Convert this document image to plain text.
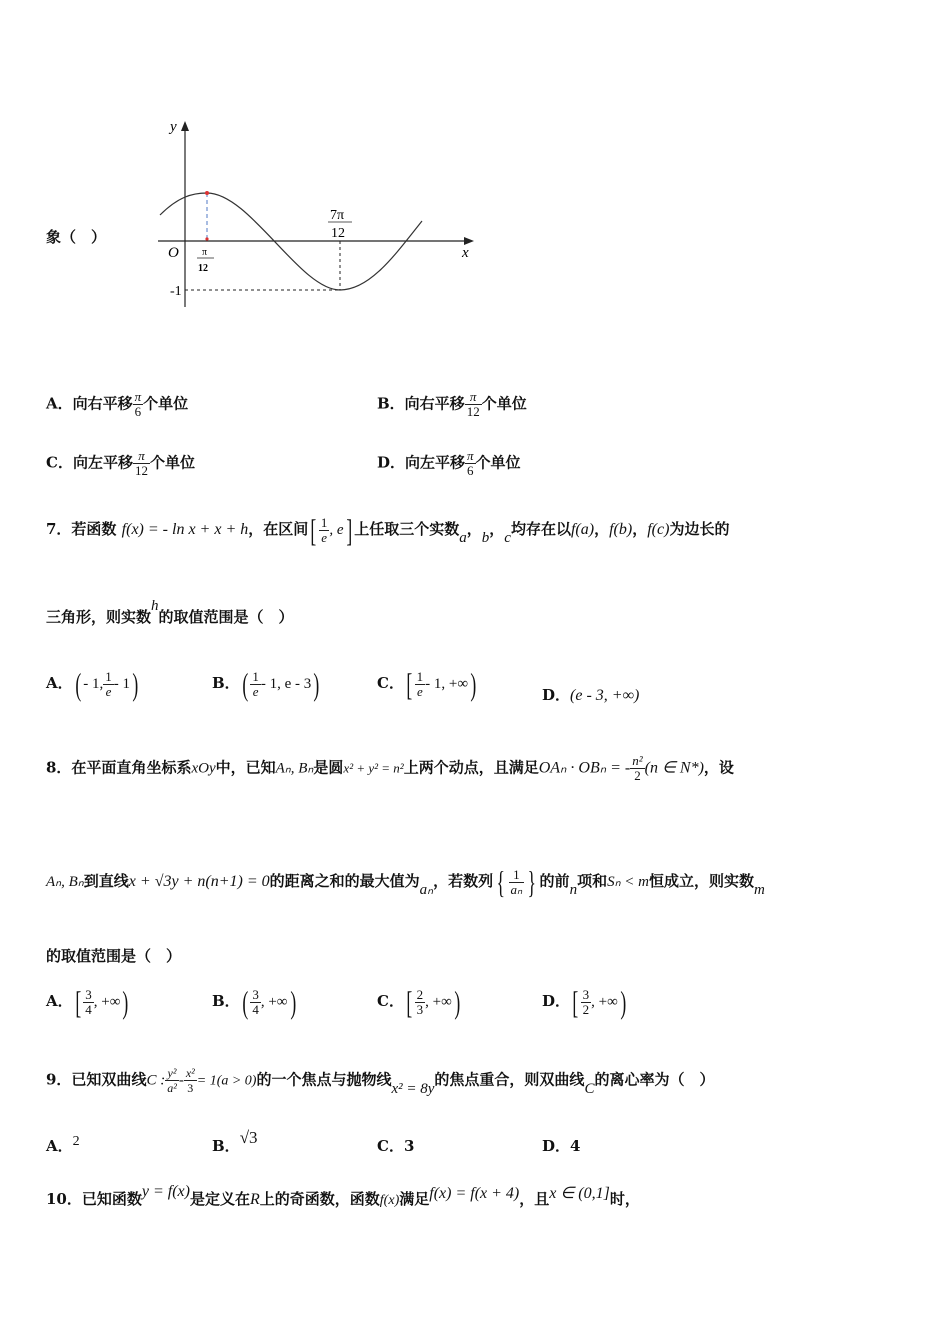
象（　）
y
x
O π
12
7π
12
-1
A．向右平移 $\frac{\pi}{6}$ 个单位	B．向右平移 $\frac{\pi}{12}$ 个单位
C．向左平移 $\frac{\pi}{12}$ 个单位	D．向左平移 $\frac{\pi}{6}$ 个单位
7．若函数 f(x) = - ln x + x + h，在区间[ $\frac{1}{e}$ , e] 上任取三个实数a，b，c均存在以f(a)，f(b)，f(c)为边长的
三角形，则实数h的取值范围是（　）
A．( - 1, $\frac{1}{e} - 1$)	B．( $\frac{1}{e} - 1$, e - 3)	C．[ $\frac{1}{e} - 1$, +∞)	D．(e - 3, +∞)
8．在平面直角坐标系xOy中，已知Aₙ, Bₙ是圆x² + y² = n²上两个动点，且满足OAₙ · OBₙ = - $\frac{\text{n²}}{2} (n$ ∈ N*)，设
Aₙ, Bₙ到直线x + √3y + n(n+1) = 0的距离之和的最大值为aₙ，若数列 { $\frac{1}{\text{aₙ}}$ } 的前n项和Sₙ < m恒成立，则实数m
的取值范围是（　）
A．[ $\frac{3}{4}$ , +∞)	B．( $\frac{3}{4}$ , +∞)	C．[ $\frac{2}{3}$ , +∞)	D．[ $\frac{3}{2}$ , +∞)
9．已知双曲线C : $\frac{\text{y²}}{\text{a²}} - \frac{\text{x²}}{3} = 1(a > 0)$的一个焦点与抛物线x² = 8y的焦点重合，则双曲线C的离心率为（　）
A．2	B．√3	C．3	D．4
10．已知函数y = f(x)是定义在R上的奇函数，函数f(x)满足f(x) = f(x + 4)，且x ∈ (0,1]时，
